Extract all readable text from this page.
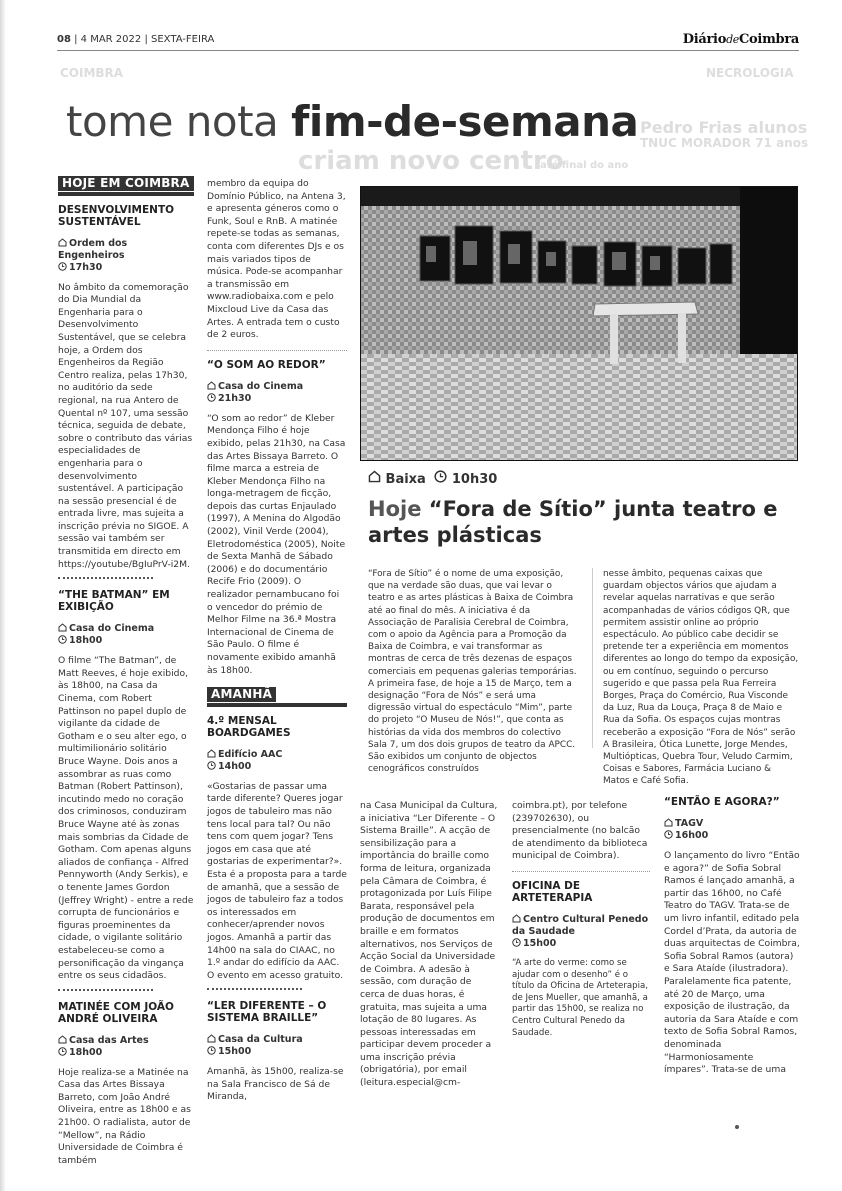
08 | 4 MAR 2022 | SEXTA-FEIRA	DiáriodeCoimbra
COIMBRA	NECROLOGIA
Pedro Frias alunos
TNUC MORADOR 71 anos
criam novo centro
até final do ano
tome nota fim-de-semana
HOJE EM COIMBRA
DESENVOLVIMENTO SUSTENTÁVEL
Ordem dos Engenheiros
17h30

No âmbito da comemoração do Dia Mundial da Engenharia para o Desenvolvimento Sustentável, que se celebra hoje, a Ordem dos Engenheiros da Região Centro realiza, pelas 17h30, no auditório da sede regional, na rua Antero de Quental nº 107, uma sessão técnica, seguida de debate, sobre o contributo das várias especialidades de engenharia para o desenvolvimento sustentável. A participação na sessão presencial é de entrada livre, mas sujeita a inscrição prévia no SIGOE. A sessão vai também ser transmitida em directo em https://youtube/BgIuPrV-i2M.

“THE BATMAN” EM EXIBIÇÃO
Casa do Cinema
18h00

O filme “The Batman”, de Matt Reeves, é hoje exibido, às 18h00, na Casa da Cinema, com Robert Pattinson no papel duplo de vigilante da cidade de Gotham e o seu alter ego, o multimilionário solitário Bruce Wayne. Dois anos a assombrar as ruas como Batman (Robert Pattinson), incutindo medo no coração dos criminosos, conduziram Bruce Wayne até às zonas mais sombrias da Cidade de Gotham. Com apenas alguns aliados de confiança - Alfred Pennyworth (Andy Serkis), e o tenente James Gordon (Jeffrey Wright) - entre a rede corrupta de funcionários e figuras proeminentes da cidade, o vigilante solitário estabeleceu-se como a personificação da vingança entre os seus cidadãos.

MATINÉE COM JOÃO ANDRÉ OLIVEIRA
Casa das Artes
18h00

Hoje realiza-se a Matinée na Casa das Artes Bissaya Barreto, com João André Oliveira, entre as 18h00 e as 21h00. O radialista, autor de “Mellow”, na Rádio Universidade de Coimbra é também

membro da equipa do Domínio Público, na Antena 3, e apresenta géneros como o Funk, Soul e RnB. A matinée repete-se todas as semanas, conta com diferentes DJs e os mais variados tipos de música. Pode-se acompanhar a transmissão em www.radiobaixa.com e pelo Mixcloud Live da Casa das Artes. A entrada tem o custo de 2 euros.

“O SOM AO REDOR”
Casa do Cinema
21h30

“O som ao redor” de Kleber Mendonça Filho é hoje exibido, pelas 21h30, na Casa das Artes Bissaya Barreto. O filme marca a estreia de Kleber Mendonça Filho na longa-metragem de ficção, depois das curtas Enjaulado (1997), A Menina do Algodão (2002), Vinil Verde (2004), Eletrodoméstica (2005), Noite de Sexta Manhã de Sábado (2006) e do documentário Recife Frio (2009). O realizador pernambucano foi o vencedor do prémio de Melhor Filme na 36.ª Mostra Internacional de Cinema de São Paulo. O filme é novamente exibido amanhã às 18h00.

AMANHÃ
4.º MENSAL BOARDGAMES
Edifício AAC
14h00

«Gostarias de passar uma tarde diferente? Queres jogar jogos de tabuleiro mas não tens local para tal? Ou não tens com quem jogar? Tens jogos em casa que até gostarias de experimentar?». Esta é a proposta para a tarde de amanhã, que a sessão de jogos de tabuleiro faz a todos os interessados em conhecer/aprender novos jogos. Amanhã a partir das 14h00 na sala do CIAAC, no 1.º andar do edifício da AAC. O evento em acesso gratuito.

“LER DIFERENTE – O SISTEMA BRAILLE”
Casa da Cultura
15h00

Amanhã, às 15h00, realiza-se na Sala Francisco de Sá de Miranda,

Baixa 10h30
Hoje “Fora de Sítio” junta teatro e artes plásticas

“Fora de Sítio” é o nome de uma exposição, que na verdade são duas, que vai levar o teatro e as artes plásticas à Baixa de Coimbra até ao final do mês. A iniciativa é da Associação de Paralisia Cerebral de Coimbra, com o apoio da Agência para a Promoção da Baixa de Coimbra, e vai transformar as montras de cerca de três dezenas de espaços comerciais em pequenas galerias temporárias. A primeira fase, de hoje a 15 de Março, tem a designação “Fora de Nós” e será uma digressão virtual do espectáculo “Mim”, parte do projeto “O Museu de Nós!”, que conta as histórias da vida dos membros do colectivo Sala 7, um dos dois grupos de teatro da APCC. São exibidos um conjunto de objectos cenográficos construídos

nesse âmbito, pequenas caixas que guardam objectos vários que ajudam a revelar aquelas narrativas e que serão acompanhadas de vários códigos QR, que permitem assistir online ao próprio espectáculo. Ao público cabe decidir se pretende ter a experiência em momentos diferentes ao longo do tempo da exposição, ou em contínuo, seguindo o percurso sugerido e que passa pela Rua Ferreira Borges, Praça do Comércio, Rua Visconde da Luz, Rua da Louça, Praça 8 de Maio e Rua da Sofia. Os espaços cujas montras receberão a exposição “Fora de Nós” serão A Brasileira, Ótica Lunette, Jorge Mendes, Multiópticas, Quebra Tour, Veludo Carmim, Coisas e Sabores, Farmácia Luciano & Matos e Café Sofia.

na Casa Municipal da Cultura, a iniciativa “Ler Diferente – O Sistema Braille”. A acção de sensibilização para a importância do braille como forma de leitura, organizada pela Câmara de Coimbra, é protagonizada por Luís Filipe Barata, responsável pela produção de documentos em braille e em formatos alternativos, nos Serviços de Acção Social da Universidade de Coimbra. A adesão à sessão, com duração de cerca de duas horas, é gratuita, mas sujeita a uma lotação de 80 lugares. As pessoas interessadas em participar devem proceder a uma inscrição prévia (obrigatória), por email (leitura.especial@cm-

coimbra.pt), por telefone (239702630), ou presencialmente (no balcão de atendimento da biblioteca municipal de Coimbra).

OFICINA DE ARTETERAPIA
Centro Cultural Penedo da Saudade
15h00

“A arte do verme: como se ajudar com o desenho” é o título da Oficina de Arteterapia, de Jens Mueller, que amanhã, a partir das 15h00, se realiza no Centro Cultural Penedo da Saudade.

“ENTÃO E AGORA?”
TAGV
16h00

O lançamento do livro “Então e agora?” de Sofia Sobral Ramos é lançado amanhã, a partir das 16h00, no Café Teatro do TAGV. Trata-se de um livro infantil, editado pela Cordel d’Prata, da autoria de duas arquitectas de Coimbra, Sofia Sobral Ramos (autora) e Sara Ataíde (ilustradora). Paralelamente fica patente, até 20 de Março, uma exposição de ilustração, da autoria da Sara Ataíde e com texto de Sofia Sobral Ramos, denominada “Harmoniosamente ímpares”. Trata-se de uma
